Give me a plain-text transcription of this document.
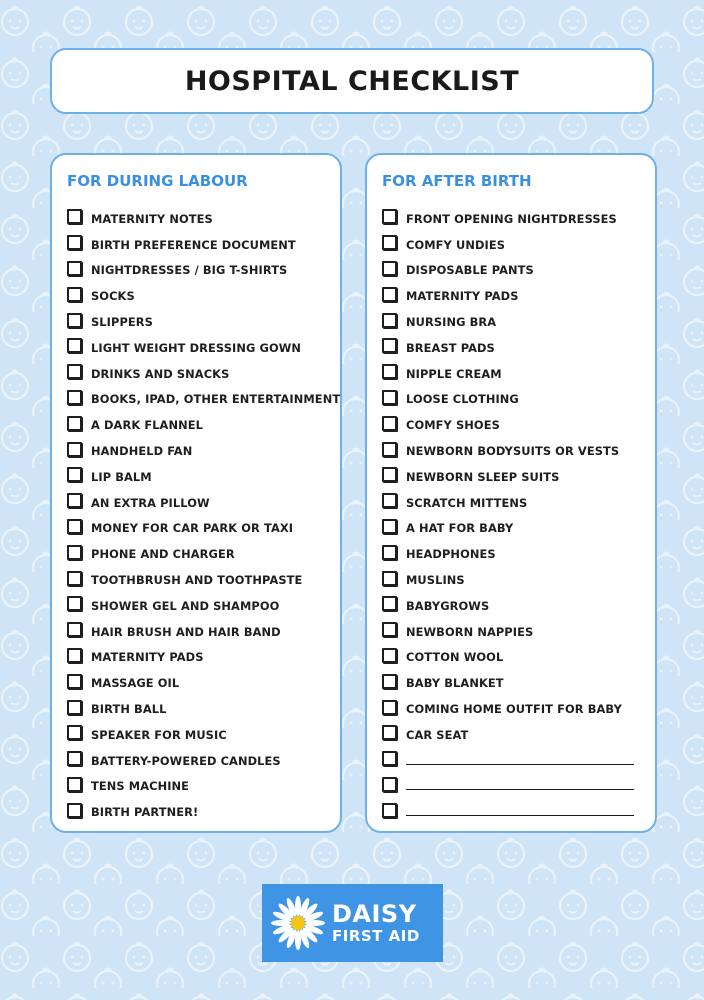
HOSPITAL CHECKLIST
FOR DURING LABOUR
MATERNITY NOTES
BIRTH PREFERENCE DOCUMENT
NIGHTDRESSES / BIG T-SHIRTS
SOCKS
SLIPPERS
LIGHT WEIGHT DRESSING GOWN
DRINKS AND SNACKS
BOOKS, IPAD, OTHER ENTERTAINMENT
A DARK FLANNEL
HANDHELD FAN
LIP BALM
AN EXTRA PILLOW
MONEY FOR CAR PARK OR TAXI
PHONE AND CHARGER
TOOTHBRUSH AND TOOTHPASTE
SHOWER GEL AND SHAMPOO
HAIR BRUSH AND HAIR BAND
MATERNITY PADS
MASSAGE OIL
BIRTH BALL
SPEAKER FOR MUSIC
BATTERY-POWERED CANDLES
TENS MACHINE
BIRTH PARTNER!
FOR AFTER BIRTH
FRONT OPENING NIGHTDRESSES
COMFY UNDIES
DISPOSABLE PANTS
MATERNITY PADS
NURSING BRA
BREAST PADS
NIPPLE CREAM
LOOSE CLOTHING
COMFY SHOES
NEWBORN BODYSUITS OR VESTS
NEWBORN SLEEP SUITS
SCRATCH MITTENS
A HAT FOR BABY
HEADPHONES
MUSLINS
BABYGROWS
NEWBORN NAPPIES
COTTON WOOL
BABY BLANKET
COMING HOME OUTFIT FOR BABY
CAR SEAT
DAISY
FIRST AID
